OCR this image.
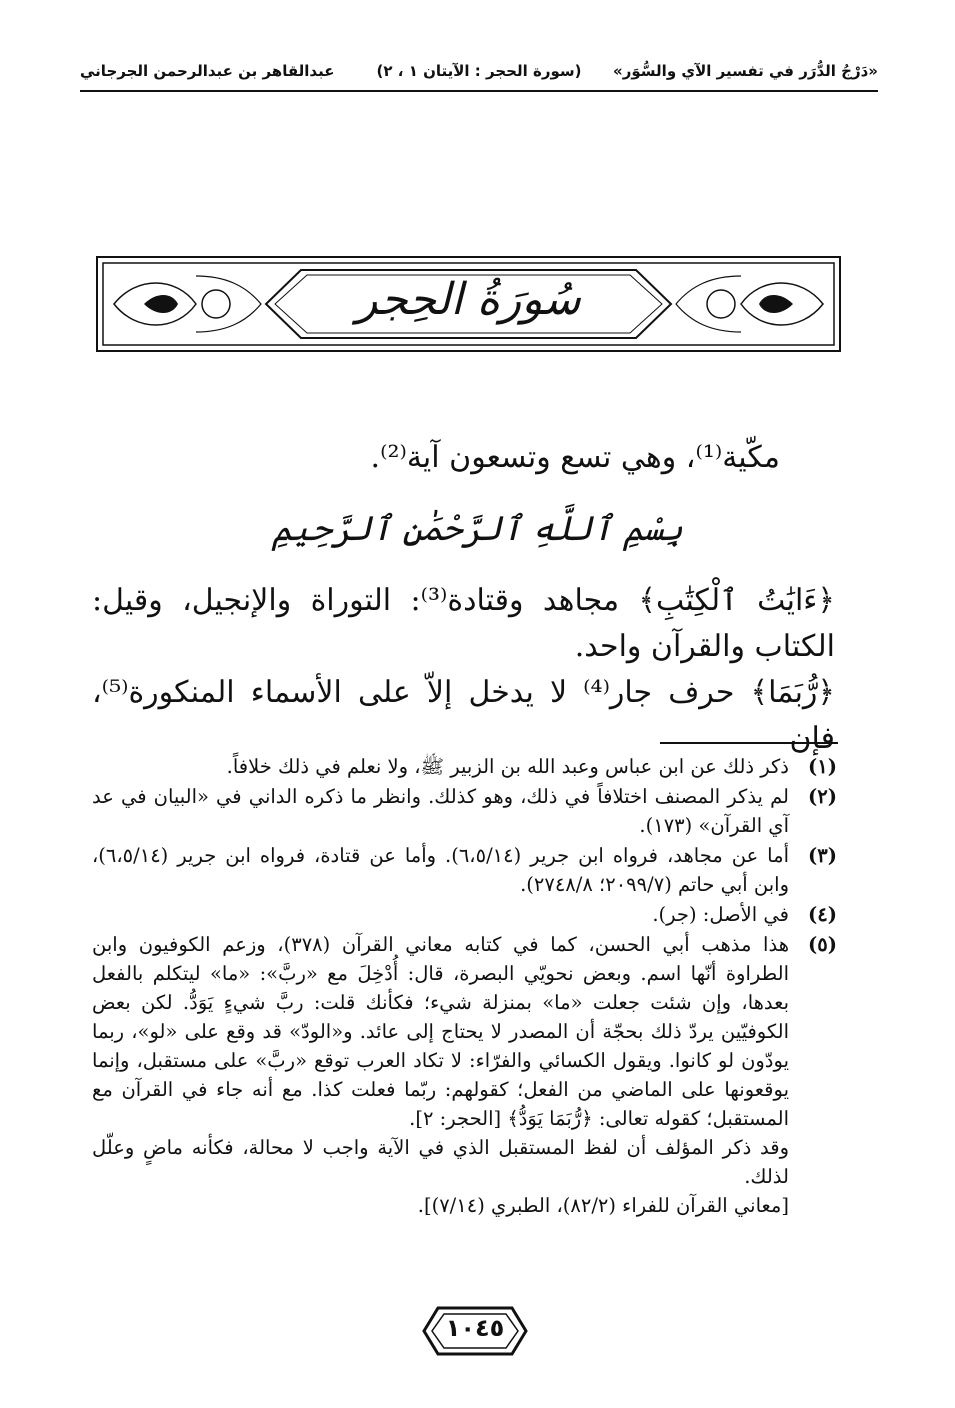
«دَرْجُ الدُّرَر في تفسير الآي والسُّوَر»
(سورة الحجر : الآيتان ١ ، ٢)
عبدالقاهر بن عبدالرحمن الجرجاني
سُورَةُ الحِجر
مكّية⁽¹⁾، وهي تسع وتسعون آية⁽²⁾.
بِسْمِ ٱللَّهِ ٱلرَّحْمَٰنِ ٱلرَّحِيمِ
﴿ءَايَٰتُ ٱلْكِتَٰبِ﴾ مجاهد وقتادة⁽³⁾: التوراة والإنجيل، وقيل: الكتاب والقرآن واحد.
﴿رُّبَمَا﴾ حرف جار⁽⁴⁾ لا يدخل إلاّ على الأسماء المنكورة⁽⁵⁾، فإن
(١)

ذكر ذلك عن ابن عباس وعبد الله بن الزبير ﷺ، ولا نعلم في ذلك خلافاً.

(٢)

لم يذكر المصنف اختلافاً في ذلك، وهو كذلك. وانظر ما ذكره الداني في «البيان في عد آي القرآن» (١٧٣).

(٣)

أما عن مجاهد، فرواه ابن جرير (٦،٥/١٤). وأما عن قتادة، فرواه ابن جرير (٦،٥/١٤)، وابن أبي حاتم (٢٠٩٩/٧؛ ٢٧٤٨/٨).

(٤)

في الأصل: (جر).

(٥)

هذا مذهب أبي الحسن، كما في كتابه معاني القرآن (٣٧٨)، وزعم الكوفيون وابن الطراوة أنّها اسم. وبعض نحويّي البصرة، قال: أُدْخِلَ مع «ربَّ»: «ما» ليتكلم بالفعل بعدها، وإن شئت جعلت «ما» بمنزلة شيء؛ فكأنك قلت: ربَّ شيءٍ يَوَدُّ. لكن بعض الكوفيّين يردّ ذلك بحجّة أن المصدر لا يحتاج إلى عائد. و«الودّ» قد وقع على «لو»، ربما يودّون لو كانوا. ويقول الكسائي والفرّاء: لا تكاد العرب توقع «ربَّ» على مستقبل، وإنما يوقعونها على الماضي من الفعل؛ كقولهم: ربّما فعلت كذا. مع أنه جاء في القرآن مع المستقبل؛ كقوله تعالى: ﴿رُّبَمَا يَوَدُّ﴾ [الحجر: ٢].

وقد ذكر المؤلف أن لفظ المستقبل الذي في الآية واجب لا محالة، فكأنه ماضٍ وعلّل لذلك.

[معاني القرآن للفراء (٨٢/٢)، الطبري (٧/١٤)].

١٠٤٥
